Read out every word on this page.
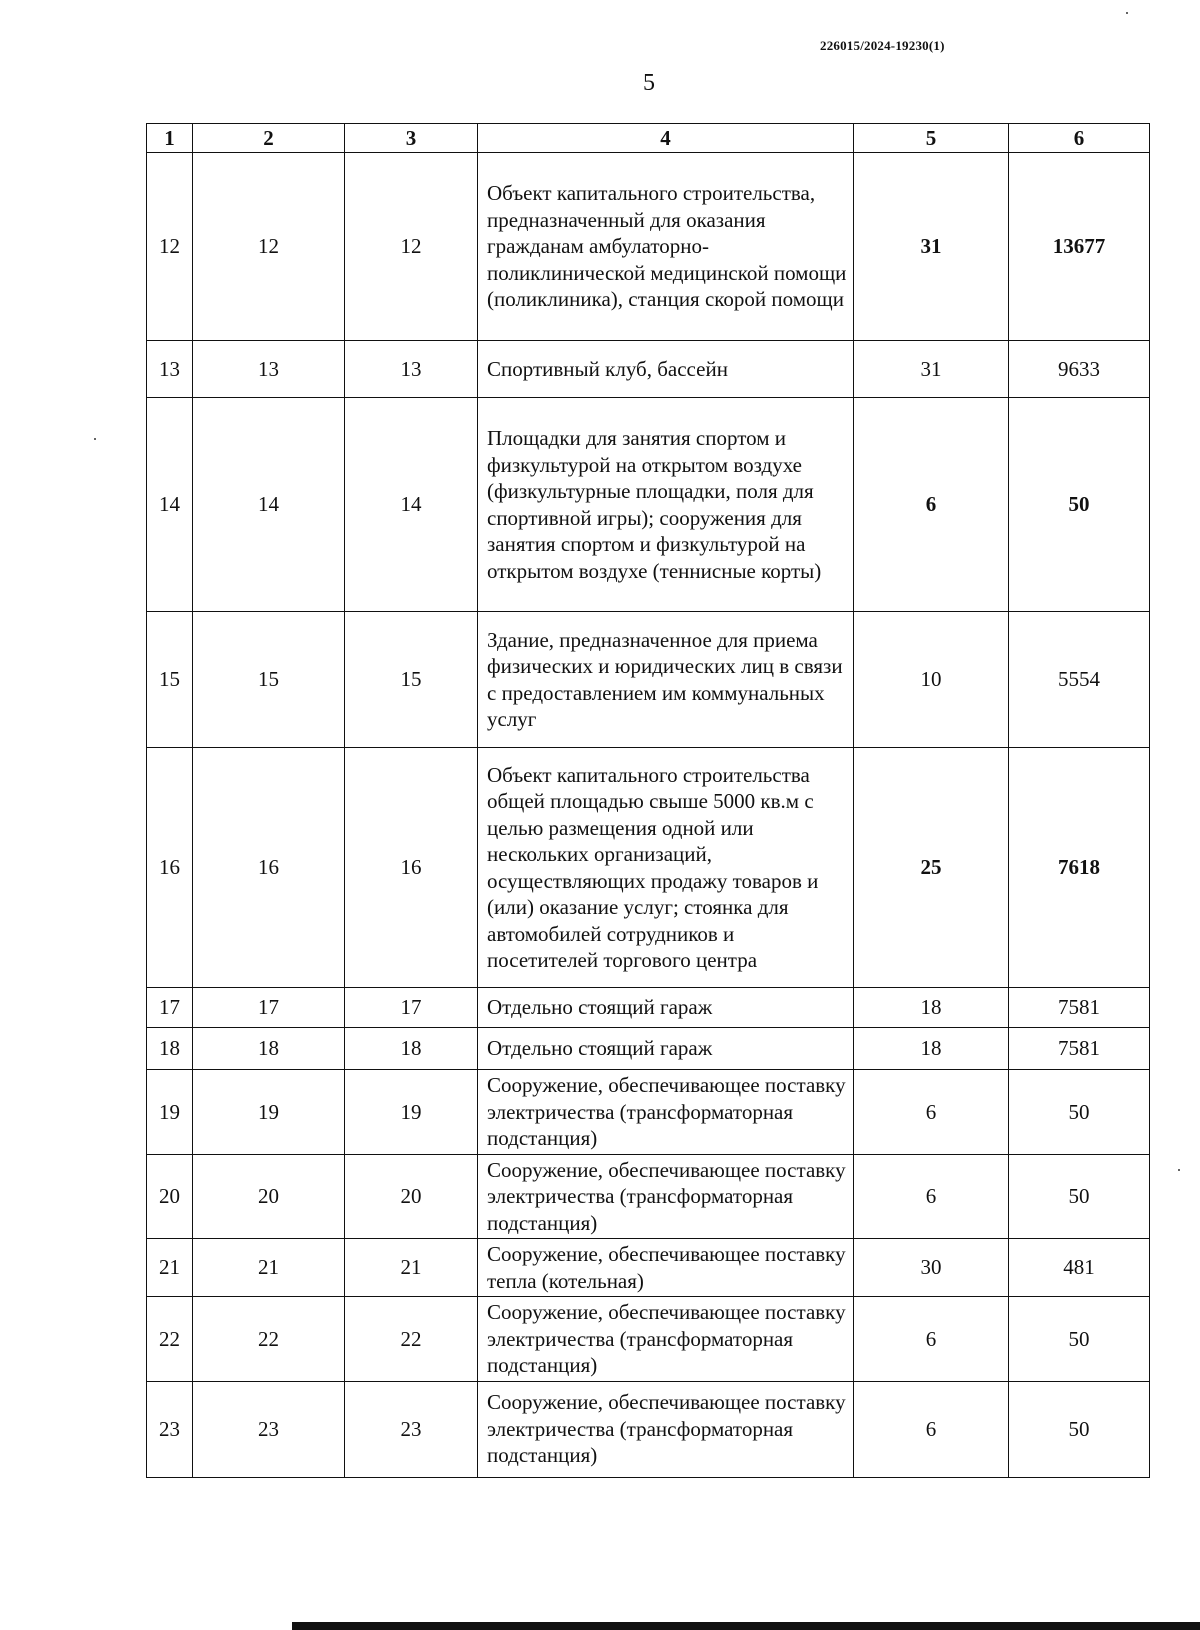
226015/2024-19230(1)
5
1	2	3	4	5	6
12	12	12	Объект капитального строительства, предназначенный для оказания гражданам амбулаторно-поликлинической медицинской помощи (поликлиника), станция скорой помощи	31	13677
13	13	13	Спортивный клуб, бассейн	31	9633
14	14	14	Площадки для занятия спортом и физкультурой на открытом воздухе (физкультурные площадки, поля для спортивной игры); сооружения для занятия спортом и физкультурой на открытом воздухе (теннисные корты)	6	50
15	15	15	Здание, предназначенное для приема физических и юридических лиц в связи с предоставлением им коммунальных услуг	10	5554
16	16	16	Объект капитального строительства общей площадью свыше 5000 кв.м с целью размещения одной или нескольких организаций, осуществляющих продажу товаров и (или) оказание услуг; стоянка для автомобилей сотрудников и посетителей торгового центра	25	7618
17	17	17	Отдельно стоящий гараж	18	7581
18	18	18	Отдельно стоящий гараж	18	7581
19	19	19	Сооружение, обеспечивающее поставку электричества (трансформаторная подстанция)	6	50
20	20	20	Сооружение, обеспечивающее поставку электричества (трансформаторная подстанция)	6	50
21	21	21	Сооружение, обеспечивающее поставку тепла (котельная)	30	481
22	22	22	Сооружение, обеспечивающее поставку электричества (трансформаторная подстанция)	6	50
23	23	23	Сооружение, обеспечивающее поставку электричества (трансформаторная подстанция)	6	50
